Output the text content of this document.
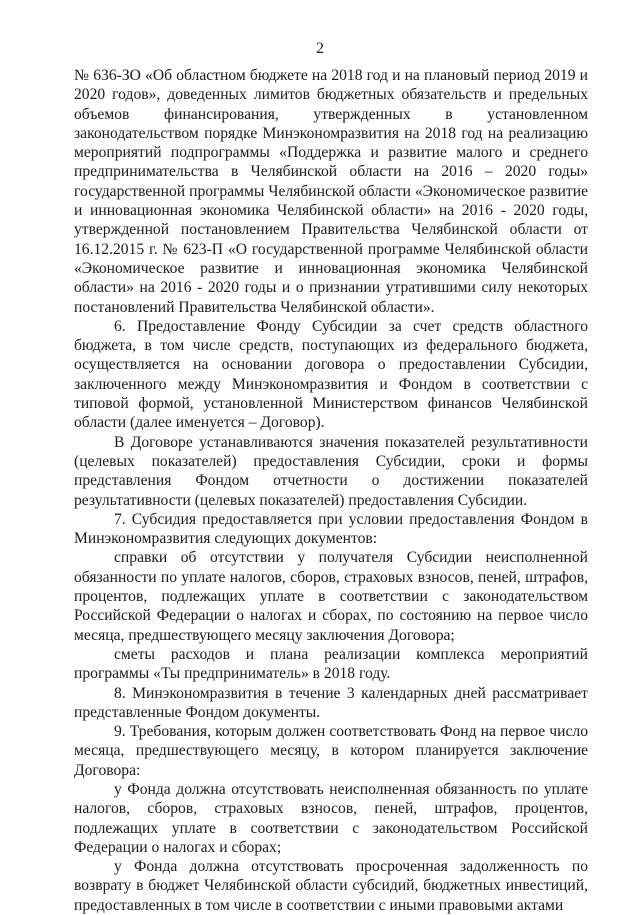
2

№ 636-ЗО «Об областном бюджете на 2018 год и на плановый период 2019 и 2020 годов», доведенных лимитов бюджетных обязательств и предельных объемов финансирования, утвержденных в установленном законодательством порядке Минэкономразвития на 2018 год на реализацию мероприятий подпрограммы «Поддержка и развитие малого и среднего предпринимательства в Челябинской области на 2016 – 2020 годы» государственной программы Челябинской области «Экономическое развитие и инновационная экономика Челябинской области» на 2016 - 2020 годы, утвержденной постановлением Правительства Челябинской области от 16.12.2015 г. № 623-П «О государственной программе Челябинской области «Экономическое развитие и инновационная экономика Челябинской области» на 2016 - 2020 годы и о признании утратившими силу некоторых постановлений Правительства Челябинской области».

6. Предоставление Фонду Субсидии за счет средств областного бюджета, в том числе средств, поступающих из федерального бюджета, осуществляется на основании договора о предоставлении Субсидии, заключенного между Минэкономразвития и Фондом в соответствии с типовой формой, установленной Министерством финансов Челябинской области (далее именуется – Договор).

В Договоре устанавливаются значения показателей результативности (целевых показателей) предоставления Субсидии, сроки и формы представления Фондом отчетности о достижении показателей результативности (целевых показателей) предоставления Субсидии.

7. Субсидия предоставляется при условии предоставления Фондом в Минэкономразвития следующих документов:

справки об отсутствии у получателя Субсидии неисполненной обязанности по уплате налогов, сборов, страховых взносов, пеней, штрафов, процентов, подлежащих уплате в соответствии с законодательством Российской Федерации о налогах и сборах, по состоянию на первое число месяца, предшествующего месяцу заключения Договора;

сметы расходов и плана реализации комплекса мероприятий программы «Ты предприниматель» в 2018 году.

8. Минэкономразвития в течение 3 календарных дней рассматривает представленные Фондом документы.

9. Требования, которым должен соответствовать Фонд на первое число месяца, предшествующего месяцу, в котором планируется заключение Договора:

у Фонда должна отсутствовать неисполненная обязанность по уплате налогов, сборов, страховых взносов, пеней, штрафов, процентов, подлежащих уплате в соответствии с законодательством Российской Федерации о налогах и сборах;

у Фонда должна отсутствовать просроченная задолженность по возврату в бюджет Челябинской области субсидий, бюджетных инвестиций, предоставленных в том числе в соответствии с иными правовыми актами
